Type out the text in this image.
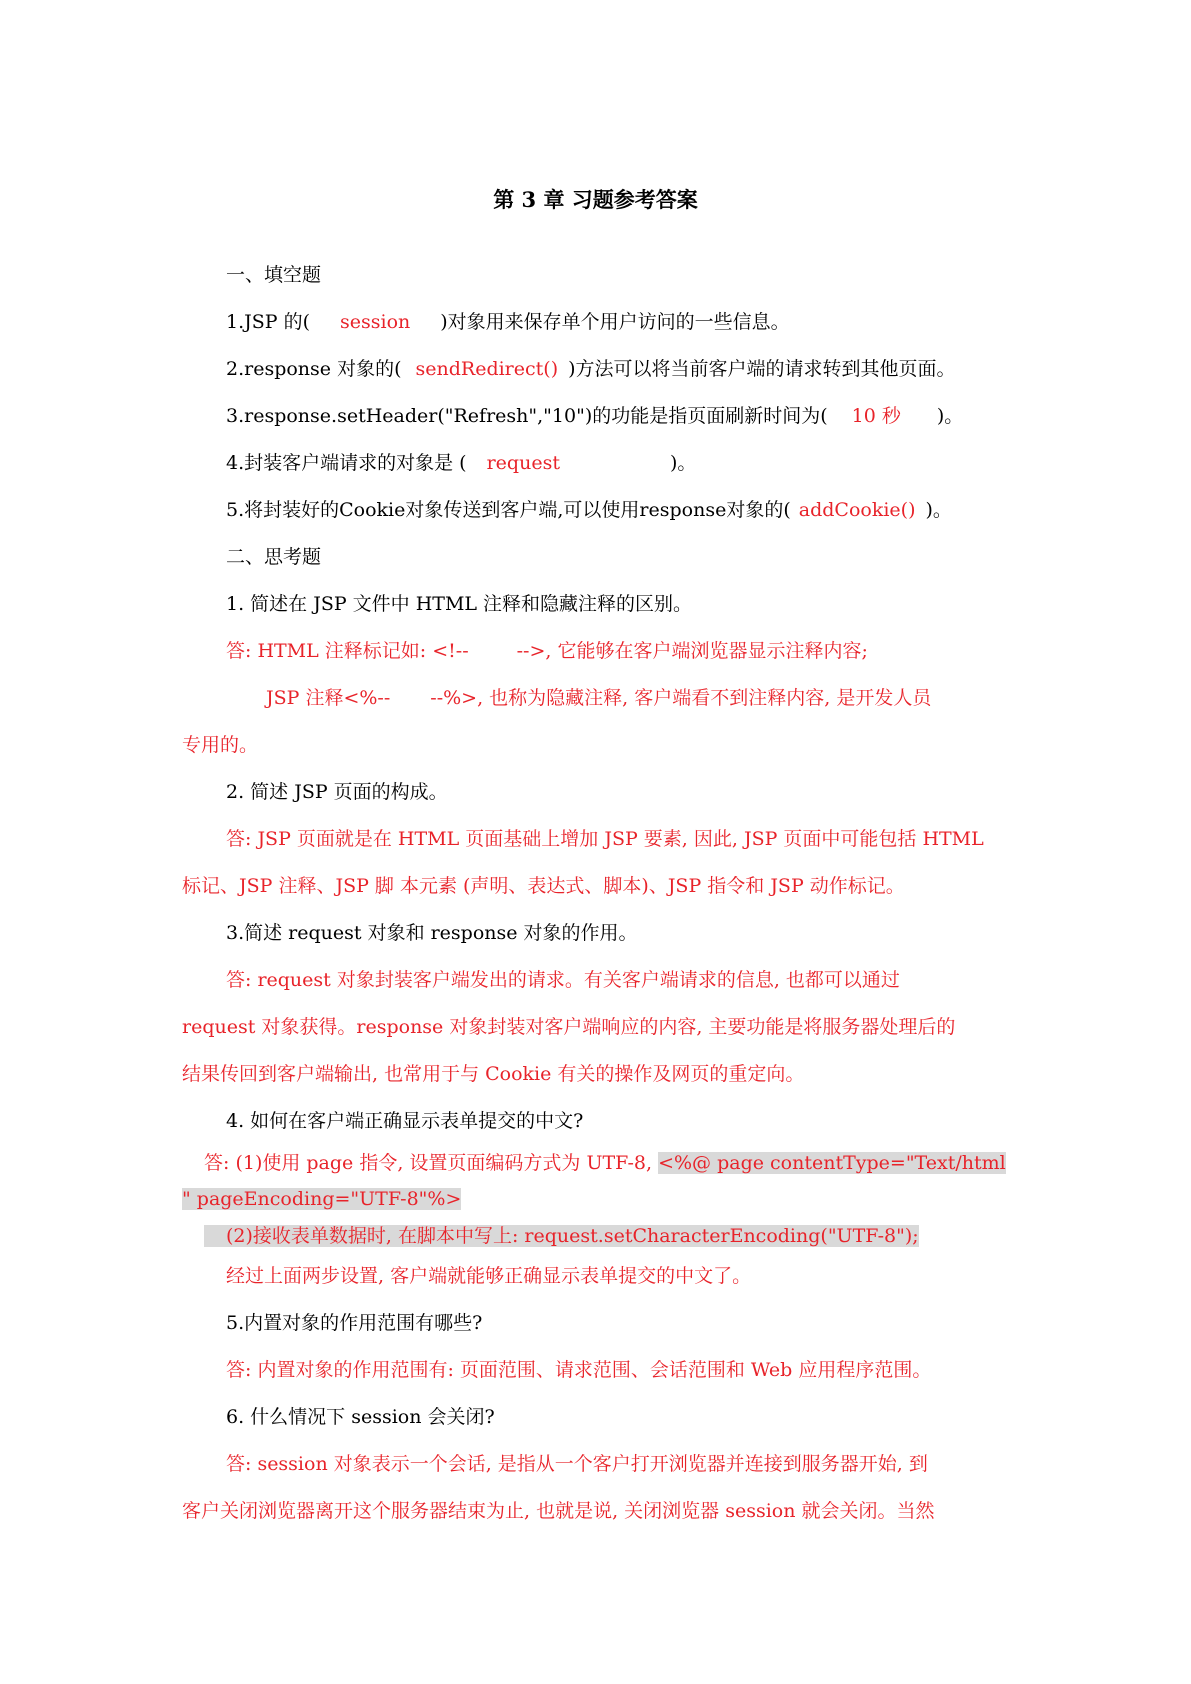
第 3 章 习题参考答案
一、填空题
1.JSP 的( session )对象用来保存单个用户访问的一些信息。
2.response 对象的( sendRedirect() )方法可以将当前客户端的请求转到其他页面。
3.response.setHeader("Refresh","10")的功能是指页面刷新时间为( 10 秒 )。
4.封装客户端请求的对象是 ( request	)。
5.将封装好的Cookie对象传送到客户端,可以使用response对象的( addCookie() )。
二、思考题
1. 简述在 JSP 文件中 HTML 注释和隐藏注释的区别。
答: HTML 注释标记如: <!--	-->, 它能够在客户端浏览器显示注释内容;
JSP 注释<%-- --%>, 也称为隐藏注释, 客户端看不到注释内容, 是开发人员
专用的。
2. 简述 JSP 页面的构成。
答: JSP 页面就是在 HTML 页面基础上增加 JSP 要素, 因此, JSP 页面中可能包括 HTML
标记、JSP 注释、JSP 脚 本元素 (声明、表达式、脚本)、JSP 指令和 JSP 动作标记。
3.简述 request 对象和 response 对象的作用。
答: request 对象封装客户端发出的请求。有关客户端请求的信息, 也都可以通过
request 对象获得。response 对象封装对客户端响应的内容, 主要功能是将服务器处理后的
结果传回到客户端输出, 也常用于与 Cookie 有关的操作及网页的重定向。
4. 如何在客户端正确显示表单提交的中文?
答: (1)使用 page 指令, 设置页面编码方式为 UTF-8, <%@ page contentType="Text/html
" pageEncoding="UTF-8"%>
(2)接收表单数据时, 在脚本中写上: request.setCharacterEncoding("UTF-8");
经过上面两步设置, 客户端就能够正确显示表单提交的中文了。
5.内置对象的作用范围有哪些?
答: 内置对象的作用范围有: 页面范围、请求范围、会话范围和 Web 应用程序范围。
6. 什么情况下 session 会关闭?
答: session 对象表示一个会话, 是指从一个客户打开浏览器并连接到服务器开始, 到
客户关闭浏览器离开这个服务器结束为止, 也就是说, 关闭浏览器 session 就会关闭。当然
